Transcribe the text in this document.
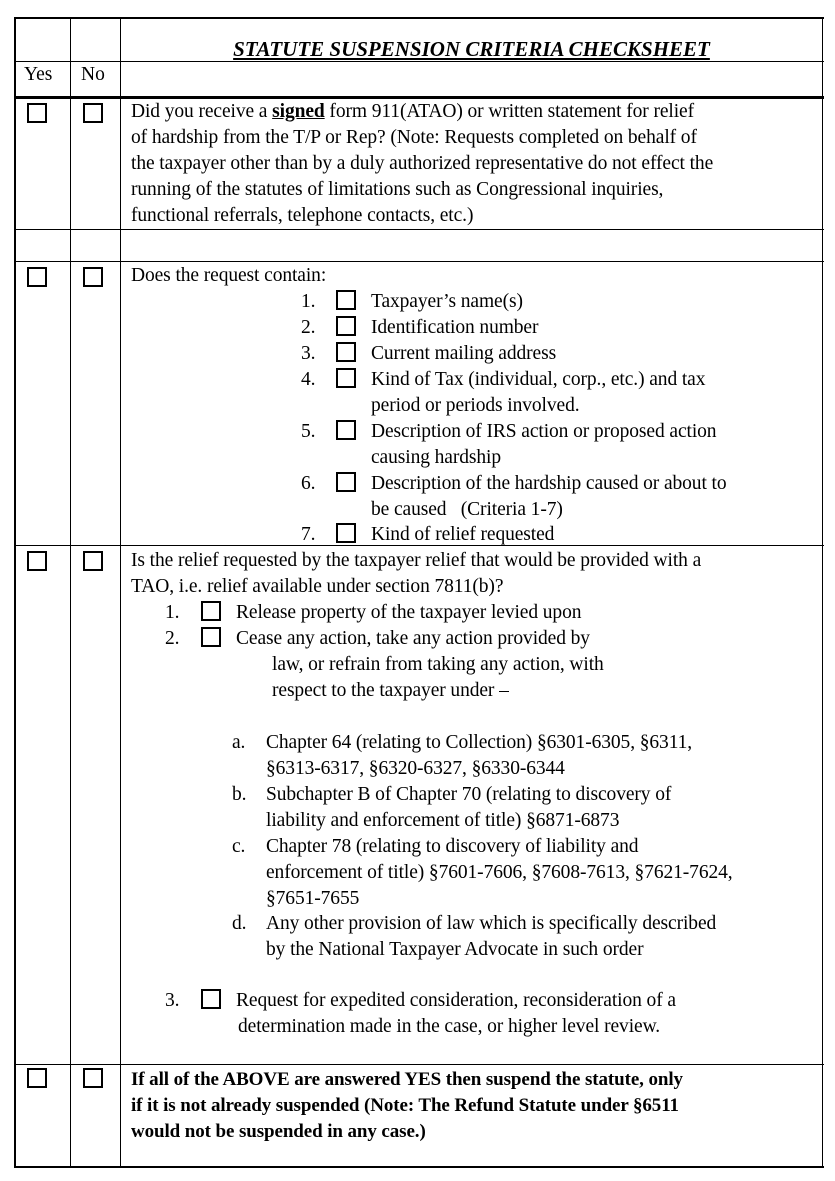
STATUTE SUSPENSION CRITERIA CHECKSHEET
Yes No
Did you receive a signed form 911(ATAO) or written statement for relief
of hardship from the T/P or Rep? (Note: Requests completed on behalf of
the taxpayer other than by a duly authorized representative do not effect the
running of the statutes of limitations such as Congressional inquiries,
functional referrals, telephone contacts, etc.)
Does the request contain:
1.	Taxpayer’s name(s)
2.	Identification number
3.	Current mailing address
4.	Kind of Tax (individual, corp., etc.) and tax
period or periods involved.
5.	Description of IRS action or proposed action
causing hardship
6.	Description of the hardship caused or about to
be caused   (Criteria 1-7)
7.	Kind of relief requested
Is the relief requested by the taxpayer relief that would be provided with a
TAO, i.e. relief available under section 7811(b)?
1.	Release property of the taxpayer levied upon
2.	Cease any action, take any action provided by
law, or refrain from taking any action, with
respect to the taxpayer under –
a. Chapter 64 (relating to Collection) §6301-6305, §6311,
§6313-6317, §6320-6327, §6330-6344
b. Subchapter B of Chapter 70 (relating to discovery of
liability and enforcement of title) §6871-6873
c. Chapter 78 (relating to discovery of liability and
enforcement of title) §7601-7606, §7608-7613, §7621-7624,
§7651-7655
d. Any other provision of law which is specifically described
by the National Taxpayer Advocate in such order
3.	Request for expedited consideration, reconsideration of a
determination made in the case, or higher level review.
If all of the ABOVE are answered YES then suspend the statute, only
if it is not already suspended (Note: The Refund Statute under §6511
would not be suspended in any case.)
